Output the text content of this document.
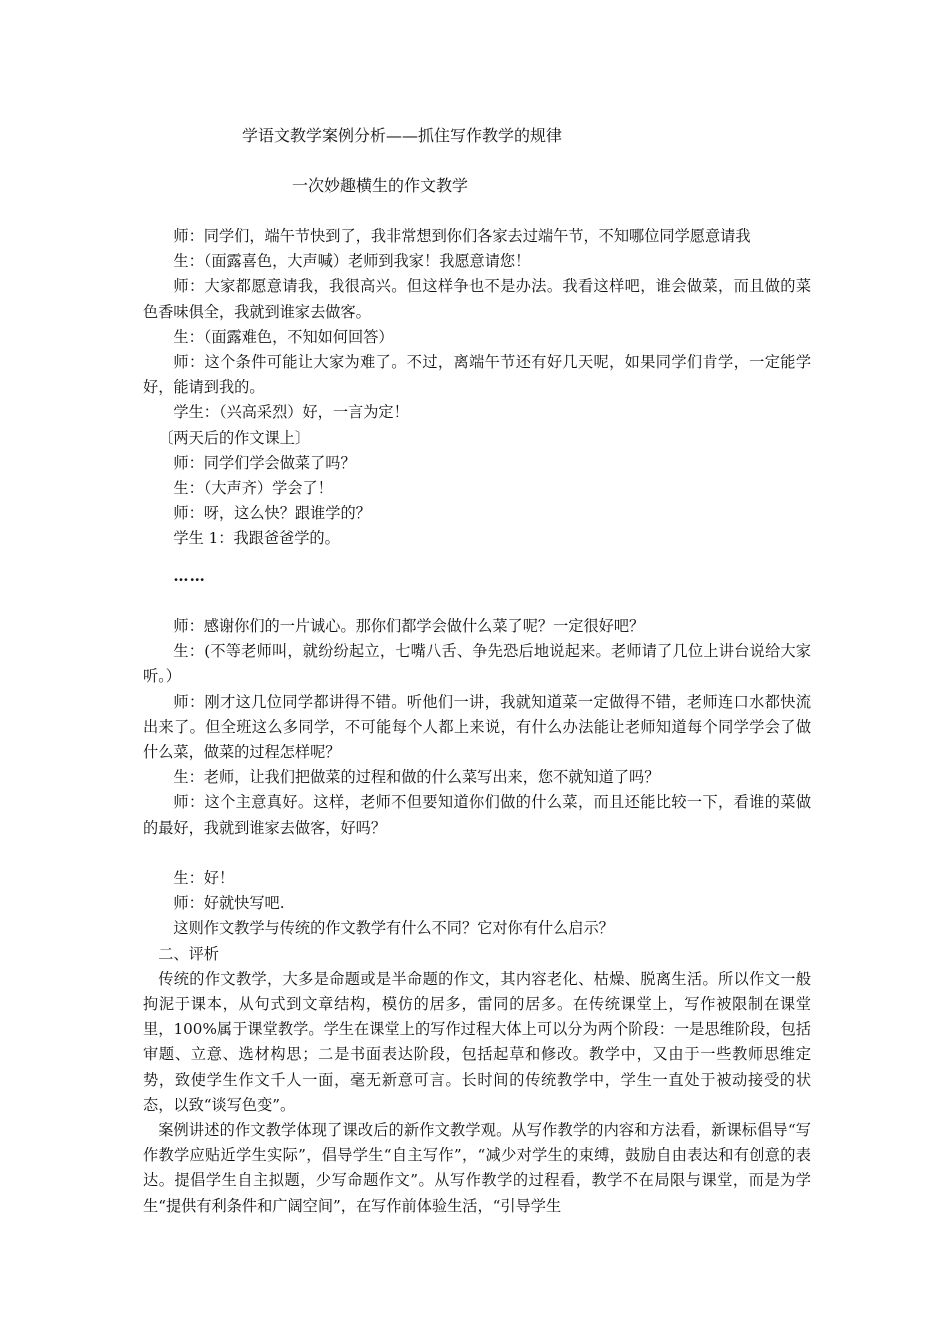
学语文教学案例分析——抓住写作教学的规律
一次妙趣横生的作文教学

师：同学们，端午节快到了，我非常想到你们各家去过端午节，不知哪位同学愿意请我

生：（面露喜色，大声喊）老师到我家！我愿意请您！

师：大家都愿意请我，我很高兴。但这样争也不是办法。我看这样吧，谁会做菜，而且做的菜色香味俱全，我就到谁家去做客。

生：（面露难色，不知如何回答）

师：这个条件可能让大家为难了。不过，离端午节还有好几天呢，如果同学们肯学，一定能学好，能请到我的。

学生：（兴高采烈）好，一言为定！

〔两天后的作文课上〕

师：同学们学会做菜了吗？

生：（大声齐）学会了！

师：呀，这么快？跟谁学的？

学生 1：我跟爸爸学的。

……

师：感谢你们的一片诚心。那你们都学会做什么菜了呢？一定很好吧？

生：(不等老师叫，就纷纷起立，七嘴八舌、争先恐后地说起来。老师请了几位上讲台说给大家听。）

师：刚才这几位同学都讲得不错。听他们一讲，我就知道菜一定做得不错，老师连口水都快流出来了。但全班这么多同学，不可能每个人都上来说，有什么办法能让老师知道每个同学学会了做什么菜，做菜的过程怎样呢？

生：老师，让我们把做菜的过程和做的什么菜写出来，您不就知道了吗？

师：这个主意真好。这样，老师不但要知道你们做的什么菜，而且还能比较一下，看谁的菜做的最好，我就到谁家去做客，好吗？

生：好！

师：好就快写吧.

这则作文教学与传统的作文教学有什么不同？它对你有什么启示？

二、评析

传统的作文教学，大多是命题或是半命题的作文，其内容老化、枯燥、脱离生活。所以作文一般拘泥于课本，从句式到文章结构，模仿的居多，雷同的居多。在传统课堂上，写作被限制在课堂里，100%属于课堂教学。学生在课堂上的写作过程大体上可以分为两个阶段：一是思维阶段，包括审题、立意、选材构思；二是书面表达阶段，包括起草和修改。教学中，又由于一些教师思维定势，致使学生作文千人一面，毫无新意可言。长时间的传统教学中，学生一直处于被动接受的状态，以致“谈写色变”。

案例讲述的作文教学体现了课改后的新作文教学观。从写作教学的内容和方法看，新课标倡导“写作教学应贴近学生实际”，倡导学生“自主写作”，“减少对学生的束缚，鼓励自由表达和有创意的表达。提倡学生自主拟题，少写命题作文”。从写作教学的过程看，教学不在局限与课堂，而是为学生“提供有利条件和广阔空间”，在写作前体验生活，“引导学生
